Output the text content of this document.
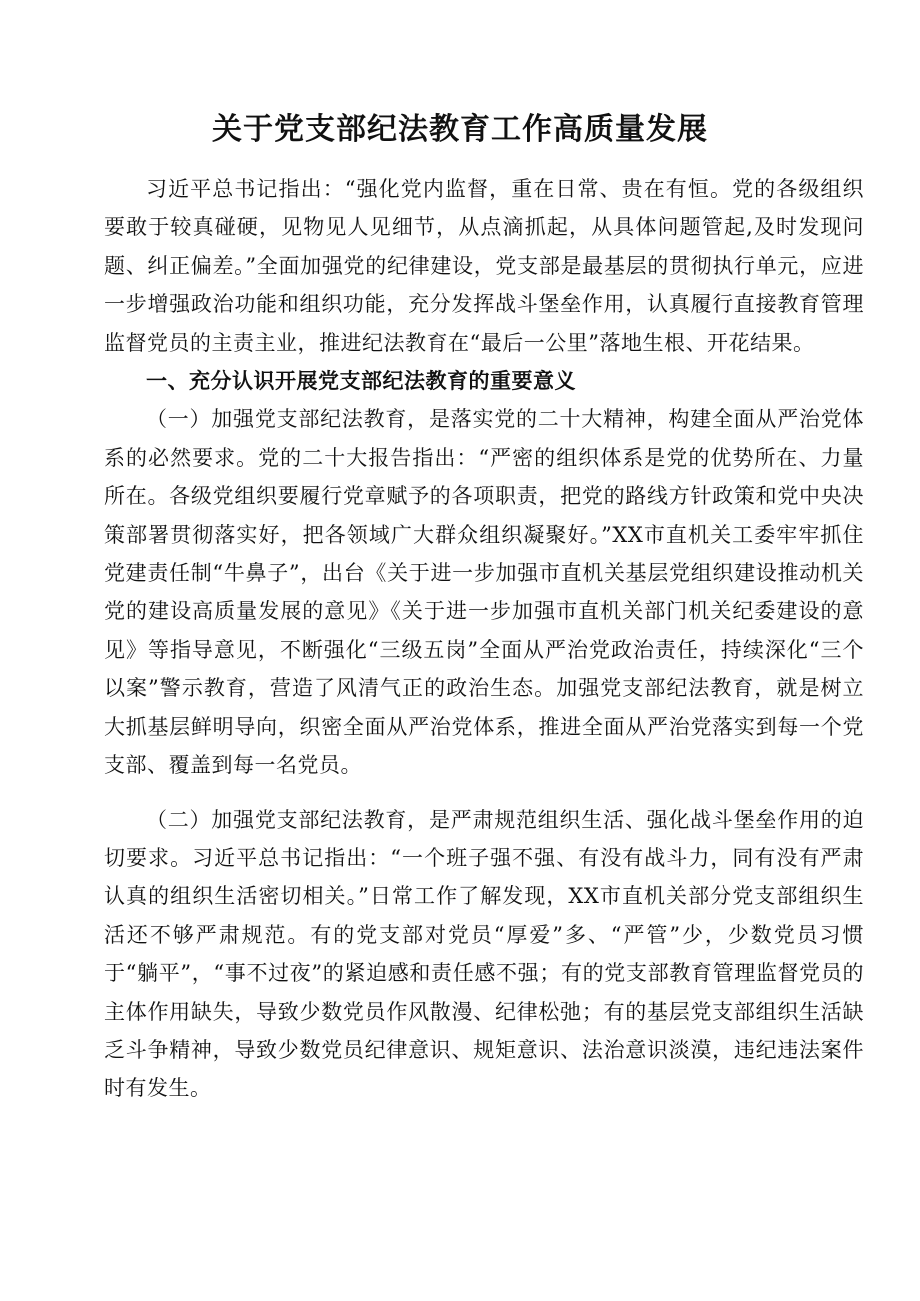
关于党支部纪法教育工作高质量发展

习近平总书记指出：“强化党内监督，重在日常、贵在有恒。党的各级组织要敢于较真碰硬，见物见人见细节，从点滴抓起，从具体问题管起,及时发现问题、纠正偏差。”全面加强党的纪律建设，党支部是最基层的贯彻执行单元，应进一步增强政治功能和组织功能，充分发挥战斗堡垒作用，认真履行直接教育管理监督党员的主责主业，推进纪法教育在“最后一公里”落地生根、开花结果。

一、充分认识开展党支部纪法教育的重要意义

（一）加强党支部纪法教育，是落实党的二十大精神，构建全面从严治党体系的必然要求。党的二十大报告指出：“严密的组织体系是党的优势所在、力量所在。各级党组织要履行党章赋予的各项职责，把党的路线方针政策和党中央决策部署贯彻落实好，把各领域广大群众组织凝聚好。”XX市直机关工委牢牢抓住党建责任制“牛鼻子”，出台《关于进一步加强市直机关基层党组织建设推动机关党的建设高质量发展的意见》《关于进一步加强市直机关部门机关纪委建设的意见》等指导意见，不断强化“三级五岗”全面从严治党政治责任，持续深化“三个以案”警示教育，营造了风清气正的政治生态。加强党支部纪法教育，就是树立大抓基层鲜明导向，织密全面从严治党体系，推进全面从严治党落实到每一个党支部、覆盖到每一名党员。

（二）加强党支部纪法教育，是严肃规范组织生活、强化战斗堡垒作用的迫切要求。习近平总书记指出：“一个班子强不强、有没有战斗力，同有没有严肃认真的组织生活密切相关。”日常工作了解发现，XX市直机关部分党支部组织生活还不够严肃规范。有的党支部对党员“厚爱”多、“严管”少，少数党员习惯于“躺平”，“事不过夜”的紧迫感和责任感不强；有的党支部教育管理监督党员的主体作用缺失，导致少数党员作风散漫、纪律松弛；有的基层党支部组织生活缺乏斗争精神，导致少数党员纪律意识、规矩意识、法治意识淡漠，违纪违法案件时有发生。
